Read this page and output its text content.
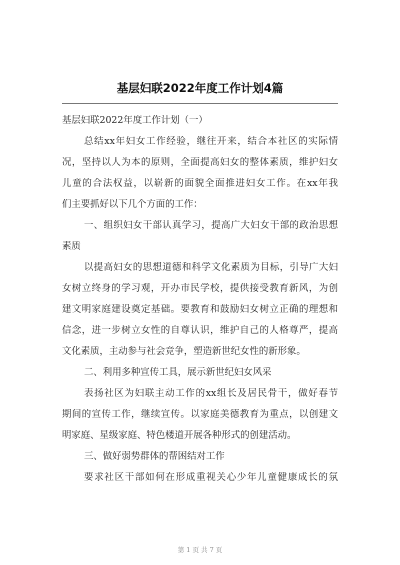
基层妇联2022年度工作计划4篇
基层妇联2022年度工作计划（一）
总结xx年妇女工作经验，继往开来，结合本社区的实际情
况，坚持以人为本的原则，全面提高妇女的整体素质，维护妇女
儿童的合法权益，以崭新的面貌全面推进妇女工作。在xx年我
们主要抓好以下几个方面的工作：
一、组织妇女干部认真学习，提高广大妇女干部的政治思想
素质
以提高妇女的思想道德和科学文化素质为目标，引导广大妇
女树立终身的学习观，开办市民学校，提供接受教育新风，为创
建文明家庭建设奠定基础。要教育和鼓励妇女树立正确的理想和
信念，进一步树立女性的自尊认识，维护自己的人格尊严，提高
文化素质，主动参与社会竞争，塑造新世纪女性的新形象。
二、利用多种宣传工具，展示新世纪妇女风采
表扬社区为妇联主动工作的xx组长及居民骨干，做好春节
期间的宣传工作，继续宣传。以家庭美德教育为重点，以创建文
明家庭、星级家庭、特色楼道开展各种形式的创建活动。
三、做好弱势群体的帮困结对工作
要求社区干部如何在形成重视关心少年儿童健康成长的氛
第 1 页 共 7 页
